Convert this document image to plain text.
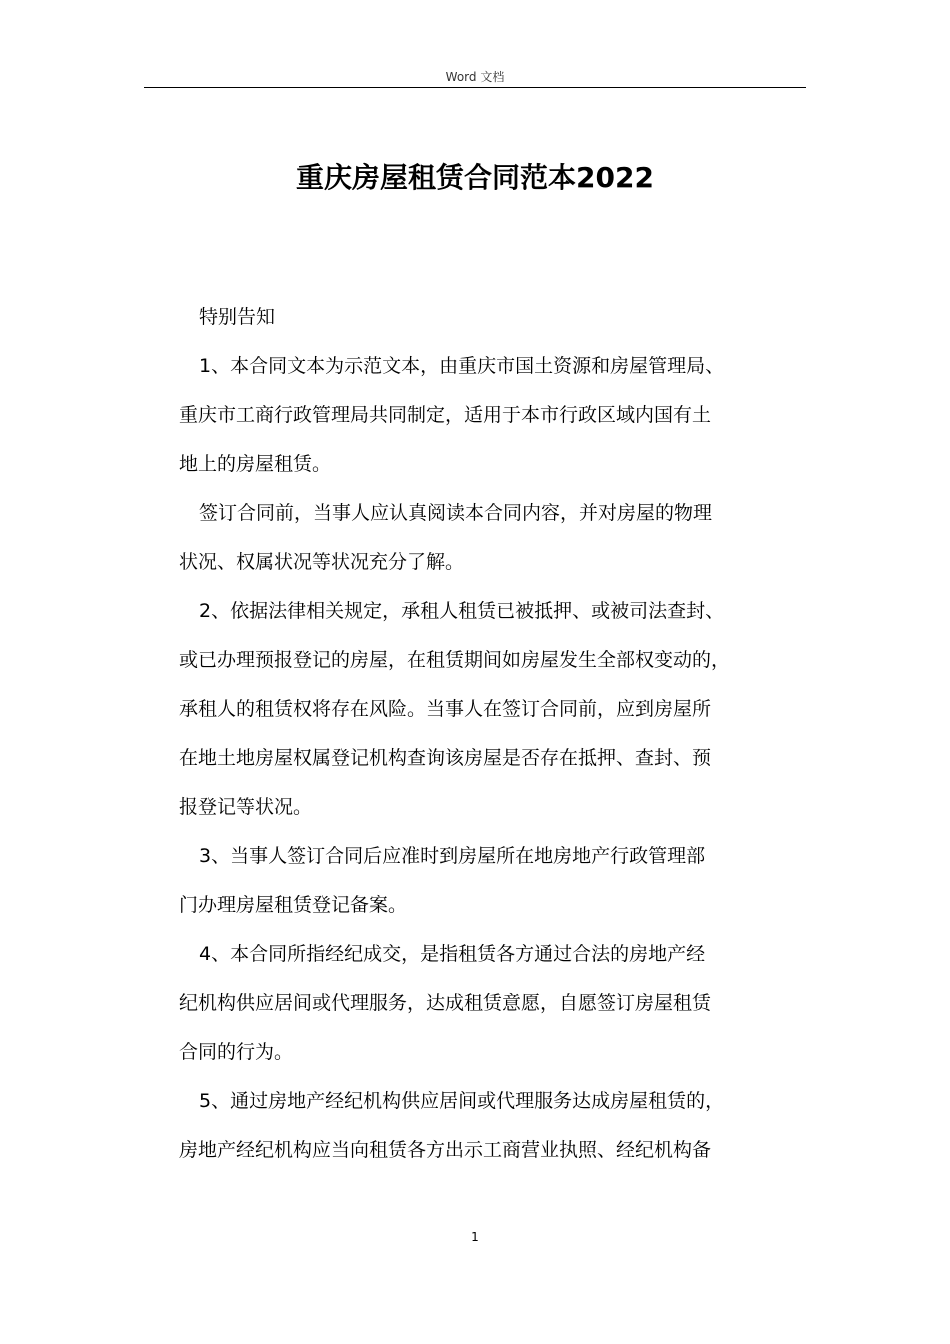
Word 文档
重庆房屋租赁合同范本2022
特别告知
1、本合同文本为示范文本，由重庆市国土资源和房屋管理局、
重庆市工商行政管理局共同制定，适用于本市行政区域内国有土
地上的房屋租赁。
签订合同前，当事人应认真阅读本合同内容，并对房屋的物理
状况、权属状况等状况充分了解。
2、依据法律相关规定，承租人租赁已被抵押、或被司法查封、
或已办理预报登记的房屋，在租赁期间如房屋发生全部权变动的，
承租人的租赁权将存在风险。当事人在签订合同前，应到房屋所
在地土地房屋权属登记机构查询该房屋是否存在抵押、查封、预
报登记等状况。
3、当事人签订合同后应准时到房屋所在地房地产行政管理部
门办理房屋租赁登记备案。
4、本合同所指经纪成交，是指租赁各方通过合法的房地产经
纪机构供应居间或代理服务，达成租赁意愿，自愿签订房屋租赁
合同的行为。
5、通过房地产经纪机构供应居间或代理服务达成房屋租赁的，
房地产经纪机构应当向租赁各方出示工商营业执照、经纪机构备
1
